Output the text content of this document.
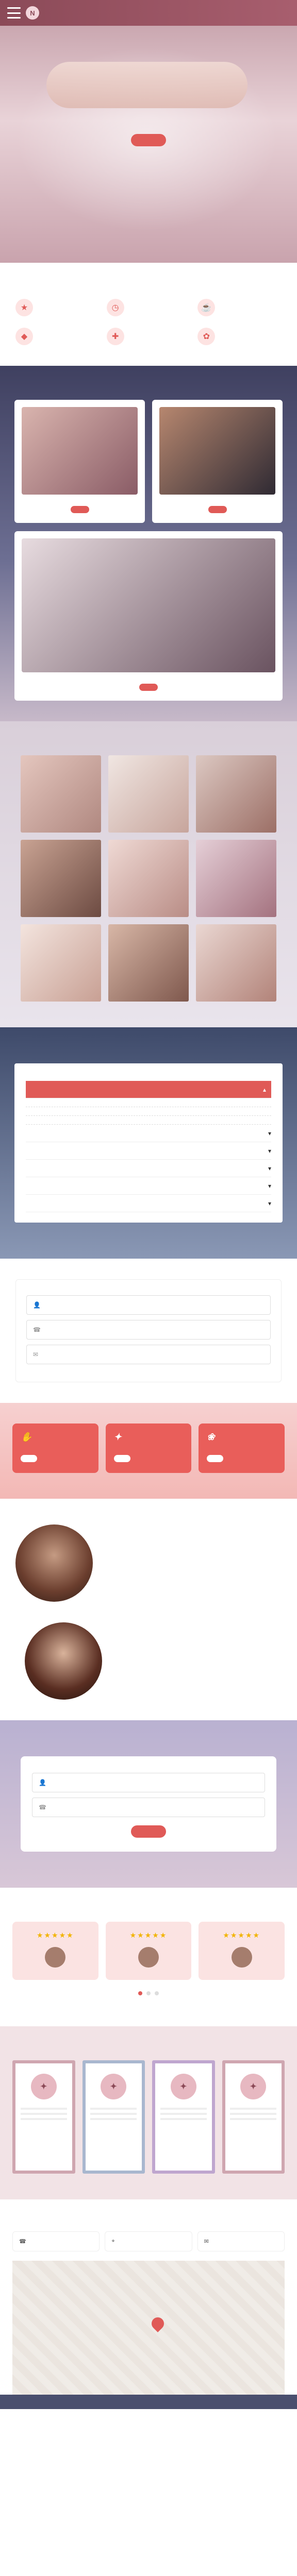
N

★	◷	☕
◆	✚	✿

▴
▾
▾
▾
▾
▾
👤
☎
✉
✋	✦	❀

👤
☎
★★★★★	★★★★★	★★★★★

✦	✦	✦	✦
☎	⌖	✉
